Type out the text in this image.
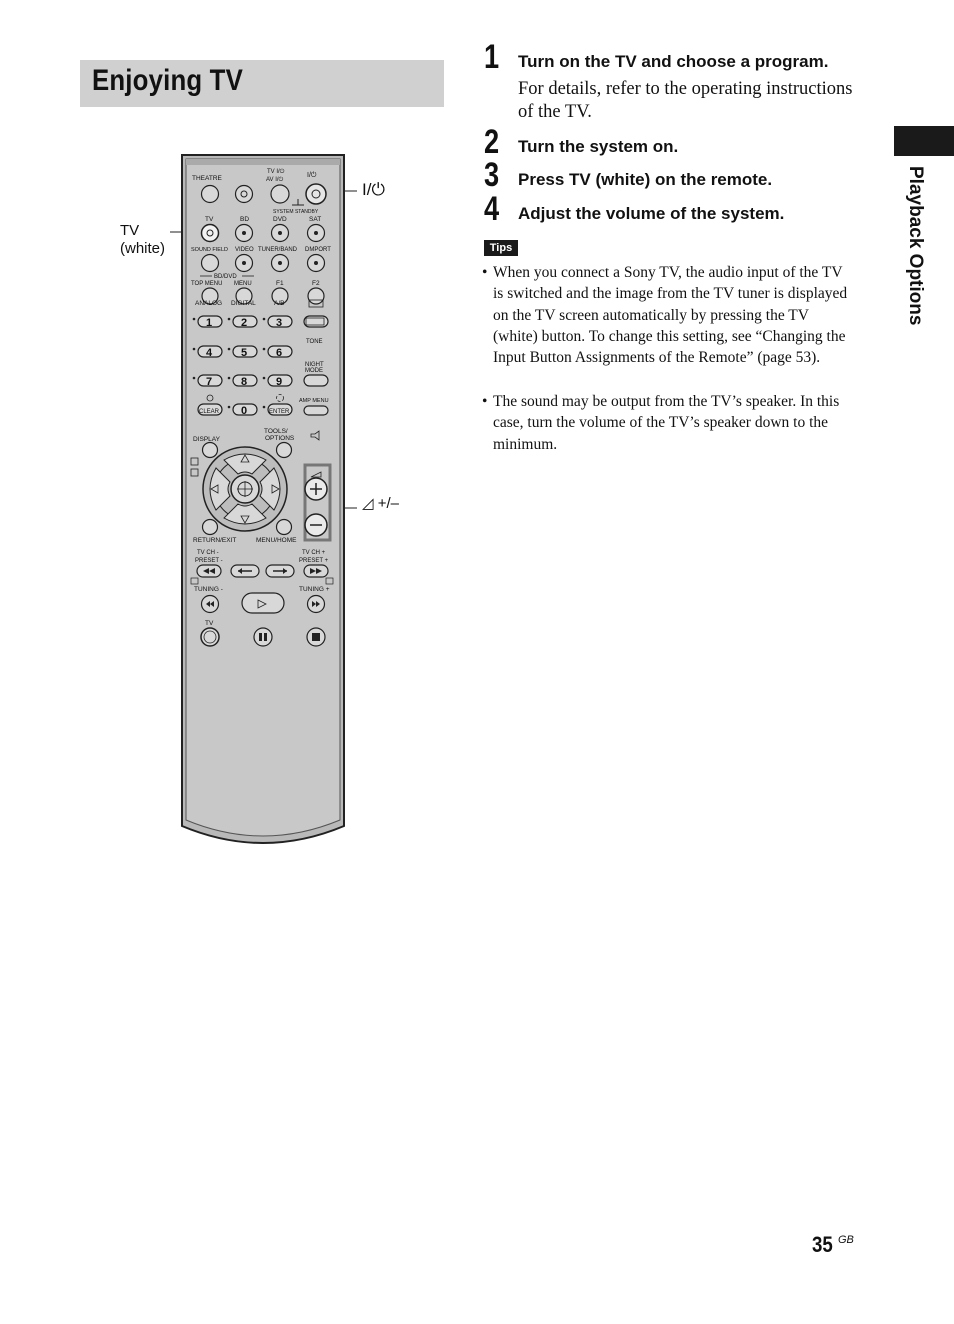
Enjoying TV
Playback Options
1 Turn on the TV and choose a program.
For details, refer to the operating instructions of the TV.
2 Turn the system on.
3 Press TV (white) on the remote.
4 Adjust the volume of the system.
Tips
• When you connect a Sony TV, the audio input of the TV is switched and the image from the TV tuner is displayed on the TV screen automatically by pressing the TV (white) button. To change this setting, see “Changing the Input Button Assignments of the Remote” (page 53).
• The sound may be output from the TV’s speaker. In this case, turn the volume of the TV’s speaker down to the minimum.
TV
(white)
I/⏻
◿ +/–
THEATRE
TV I/⏻
AV I/⏻
I/⏻
SYSTEM STANDBY
TV	BD	DVD	SAT
SOUND FIELD VIDEO TUNER/BAND DMPORT
BD/DVD
TOP MENU MENU	F1	F2
ANALOG DIGITAL	A/B
1	2	3
4	5	6
7	8	9
0
CLEAR	ENTER
TONE
NIGHT
MODE
AMP MENU
DISPLAY
TOOLS/
OPTIONS
RETURN/EXIT	MENU/HOME
TV CH -
PRESET -
TV CH +
PRESET +
TUNING -	TUNING +
TV
35 GB
